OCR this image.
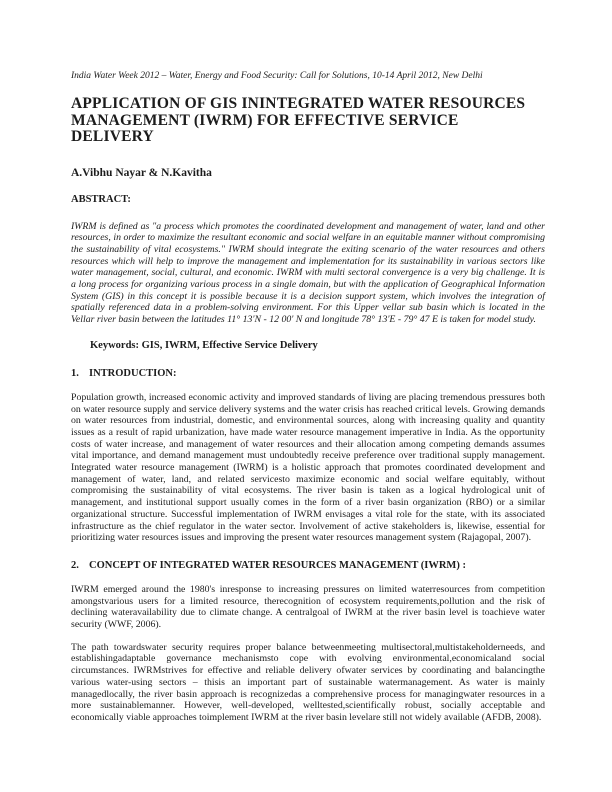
India Water Week 2012 – Water, Energy and Food Security: Call for Solutions, 10-14 April 2012, New Delhi
APPLICATION OF GIS ININTEGRATED WATER RESOURCES MANAGEMENT (IWRM) FOR EFFECTIVE SERVICE DELIVERY
A.Vibhu Nayar & N.Kavitha
ABSTRACT:

IWRM is defined as "a process which promotes the coordinated development and management of water, land and other resources, in order to maximize the resultant economic and social welfare in an equitable manner without compromising the sustainability of vital ecosystems." IWRM should integrate the exiting scenario of the water resources and others resources which will help to improve the management and implementation for its sustainability in various sectors like water management, social, cultural, and economic. IWRM with multi sectoral convergence is a very big challenge. It is a long process for organizing various process in a single domain, but with the application of Geographical Information System (GIS) in this concept it is possible because it is a decision support system, which involves the integration of spatially referenced data in a problem-solving environment. For this Upper vellar sub basin which is located in the Vellar river basin between the latitudes 11° 13'N - 12 00' N and longitude 78° 13'E - 79° 47 E is taken for model study.

Keywords: GIS, IWRM, Effective Service Delivery
1. INTRODUCTION:

Population growth, increased economic activity and improved standards of living are placing tremendous pressures both on water resource supply and service delivery systems and the water crisis has reached critical levels. Growing demands on water resources from industrial, domestic, and environmental sources, along with increasing quality and quantity issues as a result of rapid urbanization, have made water resource management imperative in India. As the opportunity costs of water increase, and management of water resources and their allocation among competing demands assumes vital importance, and demand management must undoubtedly receive preference over traditional supply management. Integrated water resource management (IWRM) is a holistic approach that promotes coordinated development and management of water, land, and related servicesto maximize economic and social welfare equitably, without compromising the sustainability of vital ecosystems. The river basin is taken as a logical hydrological unit of management, and institutional support usually comes in the form of a river basin organization (RBO) or a similar organizational structure. Successful implementation of IWRM envisages a vital role for the state, with its associated infrastructure as the chief regulator in the water sector. Involvement of active stakeholders is, likewise, essential for prioritizing water resources issues and improving the present water resources management system (Rajagopal, 2007).

2. CONCEPT OF INTEGRATED WATER RESOURCES MANAGEMENT (IWRM) :

IWRM emerged around the 1980's inresponse to increasing pressures on limited waterresources from competition amongstvarious users for a limited resource, therecognition of ecosystem requirements,pollution and the risk of declining wateravailability due to climate change. A centralgoal of IWRM at the river basin level is toachieve water security (WWF, 2006).

The path towardswater security requires proper balance betweenmeeting multisectoral,multistakeholderneeds, and establishingadaptable governance mechanismsto cope with evolving environmental,economicaland social circumstances. IWRMstrives for effective and reliable delivery ofwater services by coordinating and balancingthe various water-using sectors – thisis an important part of sustainable watermanagement. As water is mainly managedlocally, the river basin approach is recognizedas a comprehensive process for managingwater resources in a more sustainablemanner. However, well-developed, welltested,scientifically robust, socially acceptable and economically viable approaches toimplement IWRM at the river basin levelare still not widely available (AFDB, 2008).
